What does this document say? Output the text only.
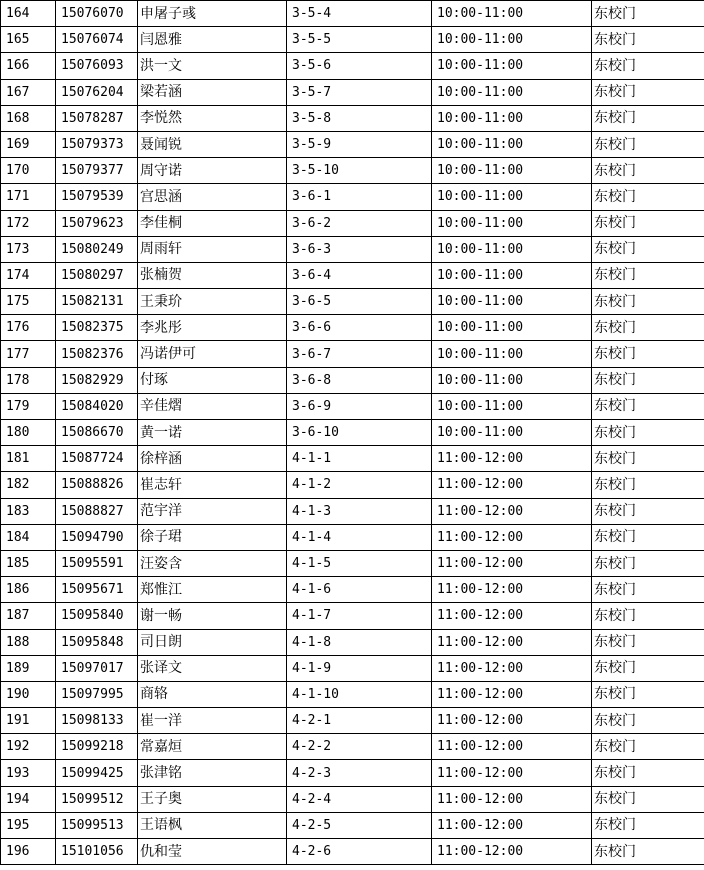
164	15076070	申屠子彧	3-5-4	10:00-11:00	东校门
165	15076074	闫恩雅	3-5-5	10:00-11:00	东校门
166	15076093	洪一文	3-5-6	10:00-11:00	东校门
167	15076204	梁若涵	3-5-7	10:00-11:00	东校门
168	15078287	李悦然	3-5-8	10:00-11:00	东校门
169	15079373	聂闻锐	3-5-9	10:00-11:00	东校门
170	15079377	周守诺	3-5-10	10:00-11:00	东校门
171	15079539	宫思涵	3-6-1	10:00-11:00	东校门
172	15079623	李佳桐	3-6-2	10:00-11:00	东校门
173	15080249	周雨轩	3-6-3	10:00-11:00	东校门
174	15080297	张楠贺	3-6-4	10:00-11:00	东校门
175	15082131	王秉玠	3-6-5	10:00-11:00	东校门
176	15082375	李兆彤	3-6-6	10:00-11:00	东校门
177	15082376	冯诺伊可	3-6-7	10:00-11:00	东校门
178	15082929	付琢	3-6-8	10:00-11:00	东校门
179	15084020	辛佳熠	3-6-9	10:00-11:00	东校门
180	15086670	黄一诺	3-6-10	10:00-11:00	东校门
181	15087724	徐梓涵	4-1-1	11:00-12:00	东校门
182	15088826	崔志轩	4-1-2	11:00-12:00	东校门
183	15088827	范宇洋	4-1-3	11:00-12:00	东校门
184	15094790	徐子珺	4-1-4	11:00-12:00	东校门
185	15095591	汪姿含	4-1-5	11:00-12:00	东校门
186	15095671	郑惟江	4-1-6	11:00-12:00	东校门
187	15095840	谢一畅	4-1-7	11:00-12:00	东校门
188	15095848	司日朗	4-1-8	11:00-12:00	东校门
189	15097017	张译文	4-1-9	11:00-12:00	东校门
190	15097995	商辂	4-1-10	11:00-12:00	东校门
191	15098133	崔一洋	4-2-1	11:00-12:00	东校门
192	15099218	常嘉烜	4-2-2	11:00-12:00	东校门
193	15099425	张津铭	4-2-3	11:00-12:00	东校门
194	15099512	王子奥	4-2-4	11:00-12:00	东校门
195	15099513	王语枫	4-2-5	11:00-12:00	东校门
196	15101056	仇和莹	4-2-6	11:00-12:00	东校门
